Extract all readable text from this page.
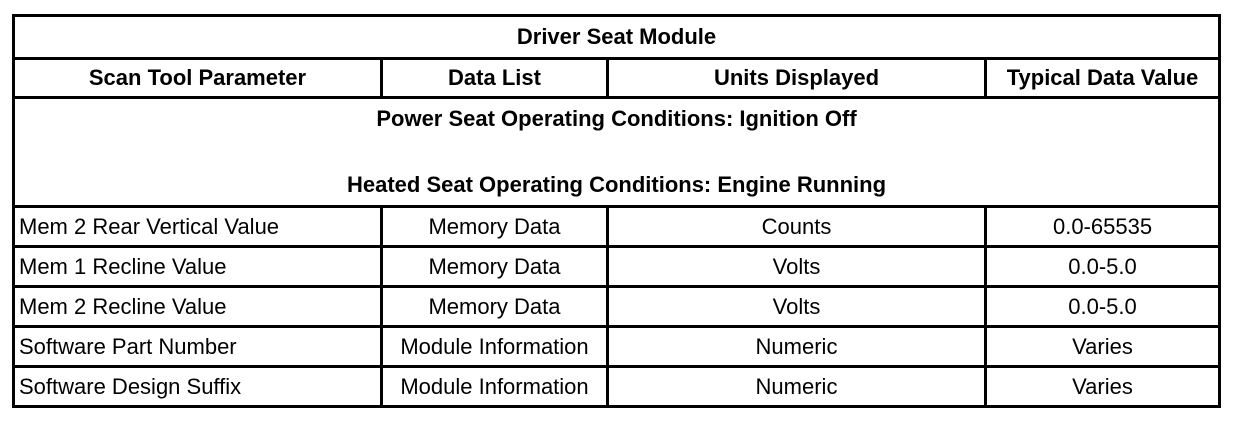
Driver Seat Module			
Scan Tool Parameter	Data List	Units Displayed	Typical Data Value

Power Seat Operating Conditions: Ignition Off
Heated Seat Operating Conditions: Engine Running			

Mem 2 Rear Vertical Value	Memory Data	Counts	0.0-65535
Mem 1 Recline Value	Memory Data	Volts	0.0-5.0
Mem 2 Recline Value	Memory Data	Volts	0.0-5.0
Software Part Number	Module Information	Numeric	Varies
Software Design Suffix	Module Information	Numeric	Varies
